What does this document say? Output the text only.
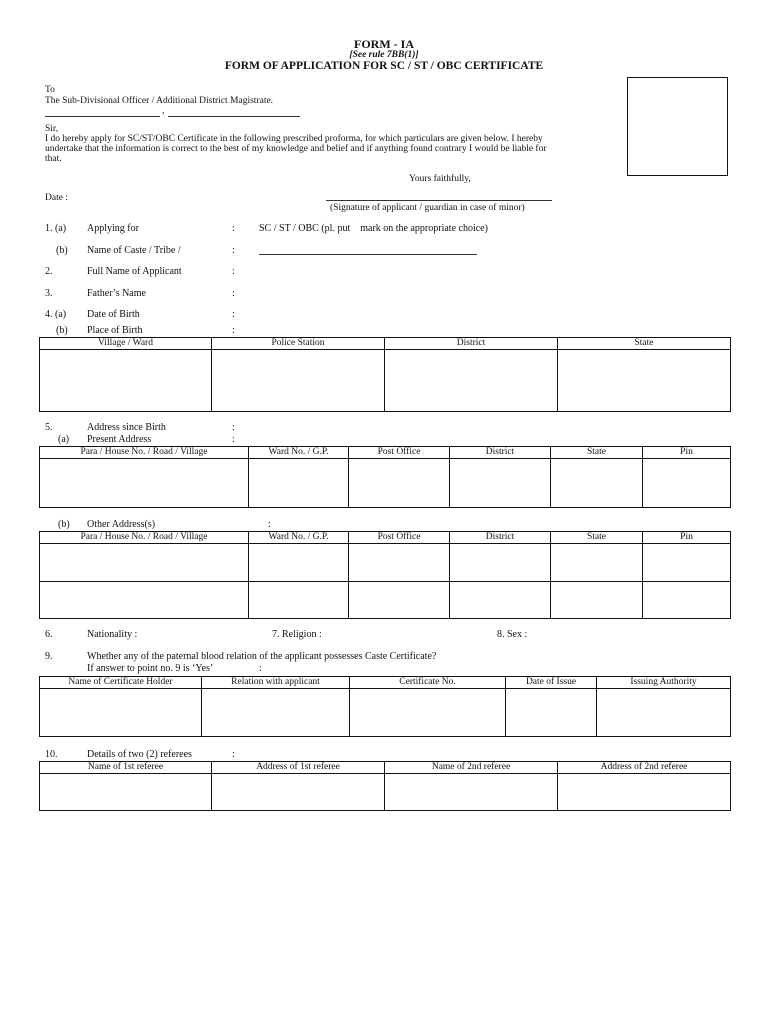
FORM - IA
[See rule 7BB(1)]
FORM OF APPLICATION FOR SC / ST / OBC CERTIFICATE
To
The Sub-Divisional Officer / Additional District Magistrate.
,
Sir,
I do hereby apply for SC/ST/OBC Certificate in the following prescribed proforma, for which particulars are given below. I hereby
undertake that the information is correct to the best of my knowledge and belief and if anything found contrary I would be liable for
that.
Yours faithfully,
Date :
(Signature of applicant / guardian in case of minor)
1. (a) Applying for	: SC / ST / OBC (pl. put    mark on the appropriate choice)
(b) Name of Caste / Tribe /	:
2.	Full Name of Applicant	:
3.	Father’s Name	:
4. (a) Date of Birth	:
(b) Place of Birth	:
Village / Ward	Police Station	District	State

5.	Address since Birth	:
(a) Present Address	:
Para / House No. / Road / Village	Ward No. / G.P.	Post Office	District	State	Pin

(b) Other Address(s)	:
Para / House No. / Road / Village	Ward No. / G.P.	Post Office	District	State	Pin

6.	Nationality :	7. Religion :	8. Sex :
9.	Whether any of the paternal blood relation of the applicant possesses Caste Certificate?
If answer to point no. 9 is ‘Yes’	:
Name of Certificate Holder	Relation with applicant	Certificate No.	Date of Issue	Issuing Authority

10.	Details of two (2) referees	:
Name of 1st referee	Address of 1st referee	Name of 2nd referee	Address of 2nd referee
